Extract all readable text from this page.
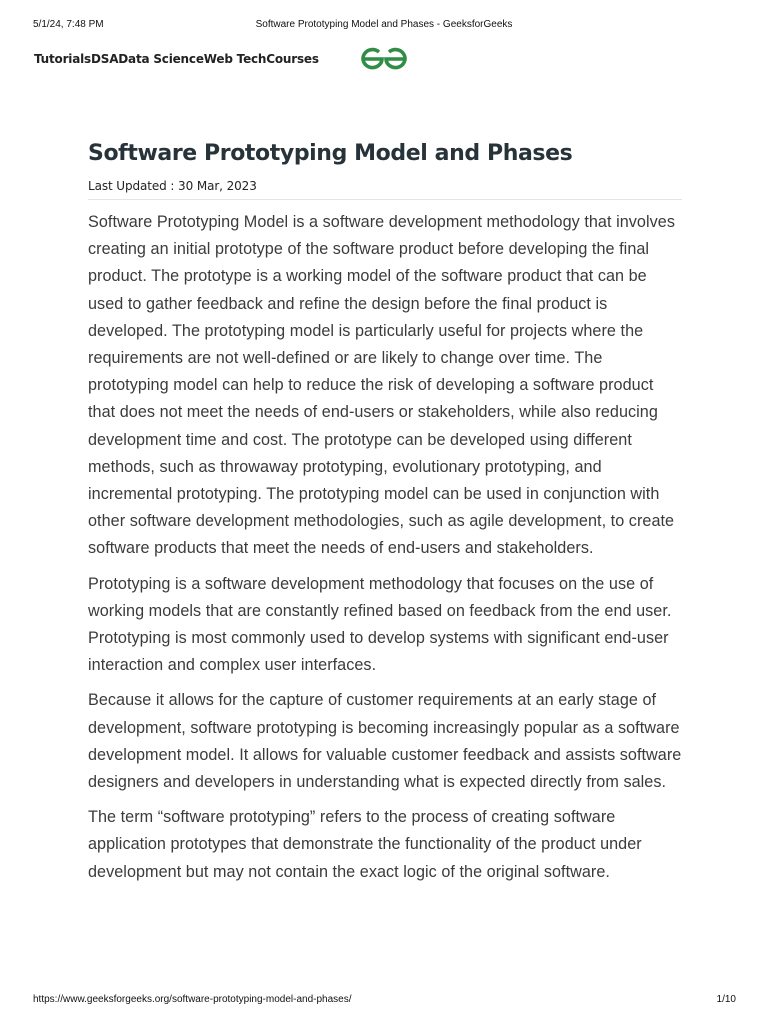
5/1/24, 7:48 PM	Software Prototyping Model and Phases - GeeksforGeeks
Tutorials DSA Data Science Web Tech Courses
Software Prototyping Model and Phases
Last Updated : 30 Mar, 2023

Software Prototyping Model is a software development methodology that involves creating an initial prototype of the software product before developing the final product. The prototype is a working model of the software product that can be used to gather feedback and refine the design before the final product is developed. The prototyping model is particularly useful for projects where the requirements are not well-defined or are likely to change over time. The prototyping model can help to reduce the risk of developing a software product that does not meet the needs of end-users or stakeholders, while also reducing development time and cost. The prototype can be developed using different methods, such as throwaway prototyping, evolutionary prototyping, and incremental prototyping. The prototyping model can be used in conjunction with other software development methodologies, such as agile development, to create software products that meet the needs of end-users and stakeholders.

Prototyping is a software development methodology that focuses on the use of working models that are constantly refined based on feedback from the end user. Prototyping is most commonly used to develop systems with significant end-user interaction and complex user interfaces.

Because it allows for the capture of customer requirements at an early stage of development, software prototyping is becoming increasingly popular as a software development model. It allows for valuable customer feedback and assists software designers and developers in understanding what is expected directly from sales.

The term “software prototyping” refers to the process of creating software application prototypes that demonstrate the functionality of the product under development but may not contain the exact logic of the original software.

https://www.geeksforgeeks.org/software-prototyping-model-and-phases/	1/10
